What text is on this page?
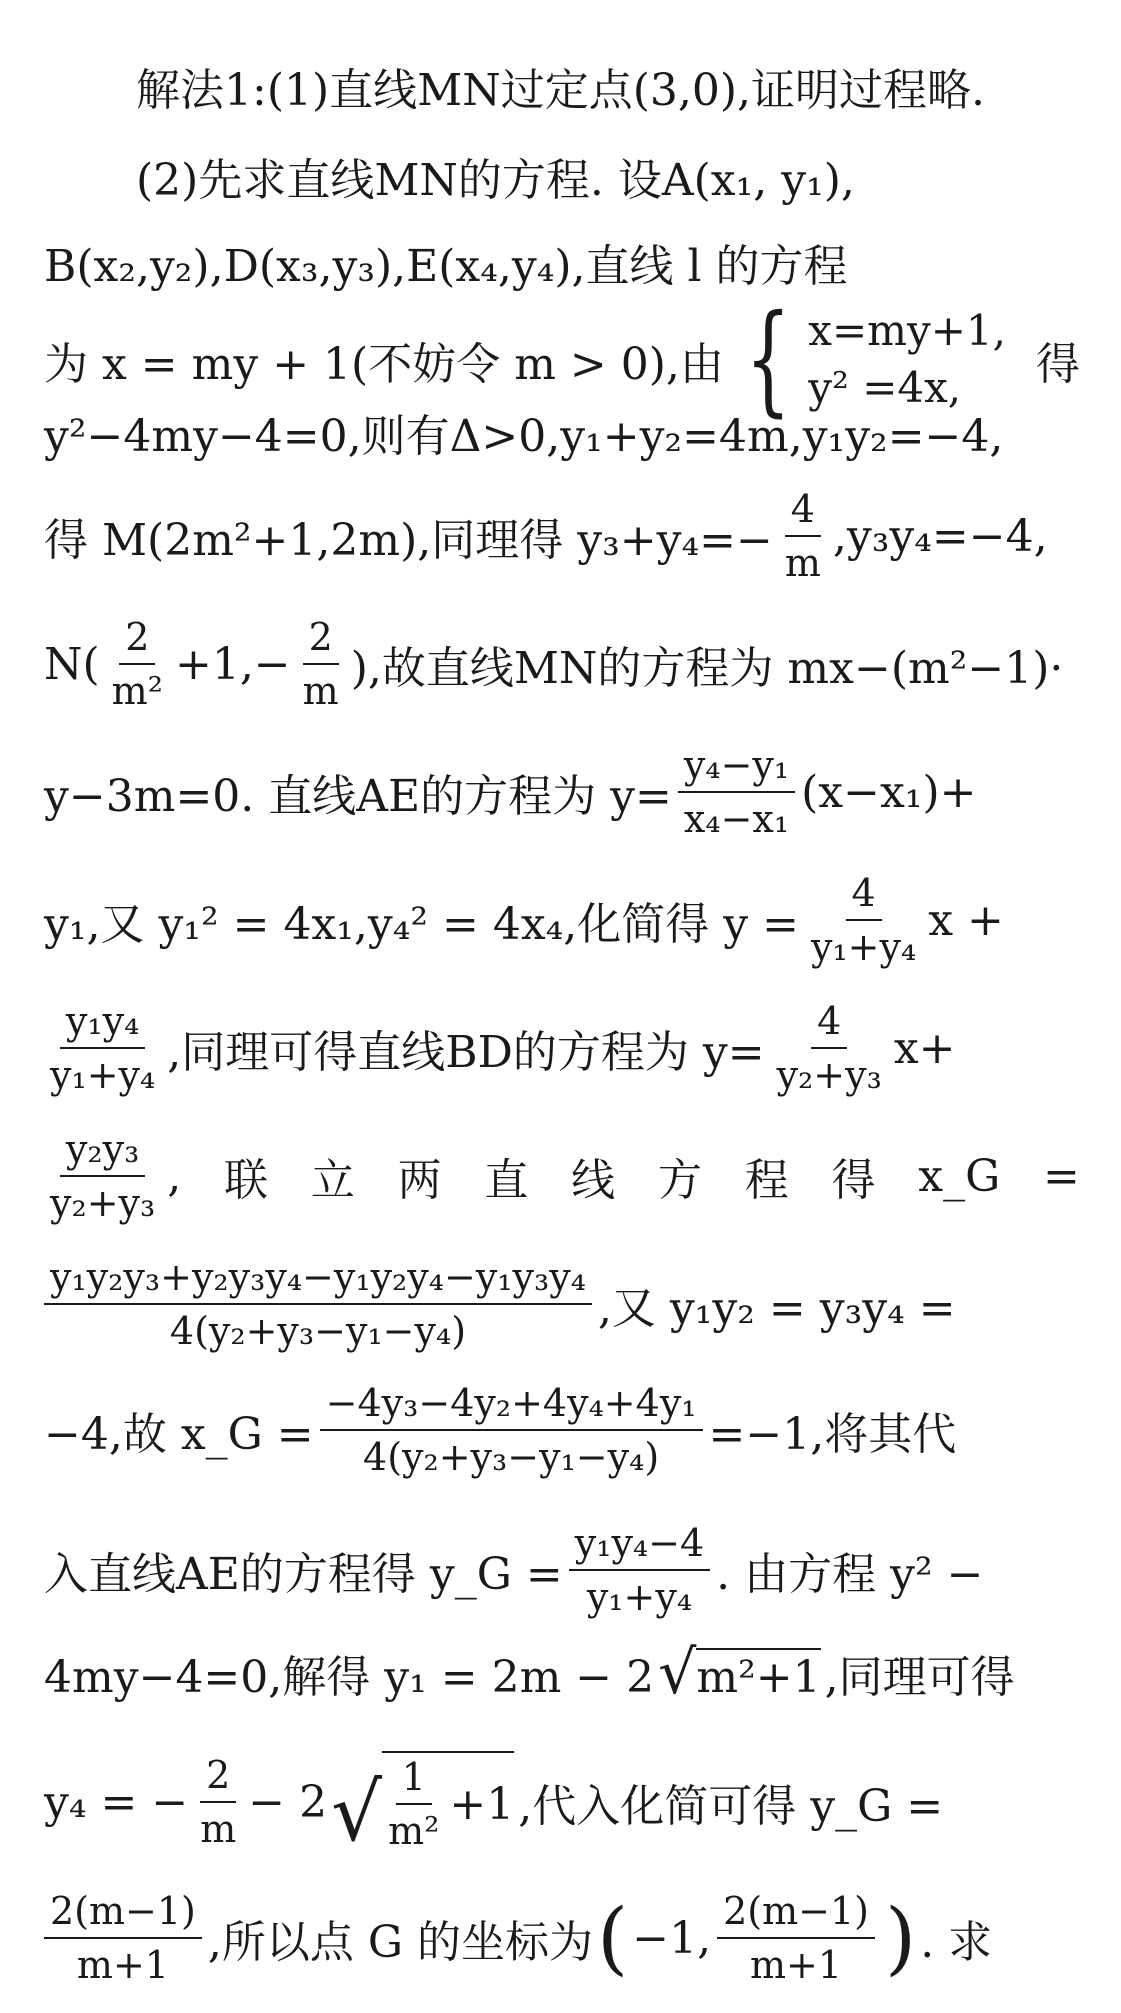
解法1:(1)直线MN过定点(3,0),证明过程略.
(2)先求直线MN的方程. 设A(x₁, y₁),
B(x₂,y₂),D(x₃,y₃),E(x₄,y₄),直线 l 的方程
为 x = my + 1(不妨令 m > 0),由 { x=my+1,
y² =4x,	得
y²−4my−4=0,则有Δ>0,y₁+y₂=4m,y₁y₂=−4,
得 M(2m²+1,2m),同理得 $y_3+y_4=- \frac{4}{m} ,y_3y_4=-4$,
$N( \frac{2}{\text{m²}} +1,- \frac{2}{m}$ ),故直线MN的方程为 mx−(m²−1)·
y−3m=0. 直线AE的方程为 $y= \frac{\text{y₄−y₁}}{\text{x₄−x₁}} (x-x_1)+$
y₁,又 y₁² = 4x₁,y₄² = 4x₄,化简得 $y = \frac{4}{\text{y₁+y₄}}$ x +
$\frac{\text{y₁y₄}}{\text{y₁+y₄}}$ ,同理可得直线BD的方程为 $y= \frac{4}{\text{y₂+y₃}} x+$
$\frac{\text{y₂y₃}}{\text{y₂+y₃}}$ , 联 立 两 直 线 方 程 得 x_G =
$\frac{\text{y₁y₂y₃+y₂y₃y₄−y₁y₂y₄−y₁y₃y₄}}{\text{4(y₂+y₃−y₁−y₄)}}$ ,又 y₁y₂ = y₃y₄ =
−4,故 x_G = $\frac{\text{−4y₃−4y₂+4y₄+4y₁}}{\text{4(y₂+y₃−y₁−y₄)}} =-1$,将其代
入直线AE的方程得 y_G = $\frac{\text{y₁y₄−4}}{\text{y₁+y₄}}$ . 由方程 y² −
4my−4=0,解得 y₁ = 2m − 2 √ m²+1 ,同理可得
y₄ = − $\frac{2}{m} - 2$ √ $\frac{1}{\text{m²}} +1$ ,代入化简可得 y_G =
$\frac{2(m-1)}{m+1}$ ,所以点 G 的坐标为 ( −1, $\frac{2(m-1)}{m+1}$ ) . 求
